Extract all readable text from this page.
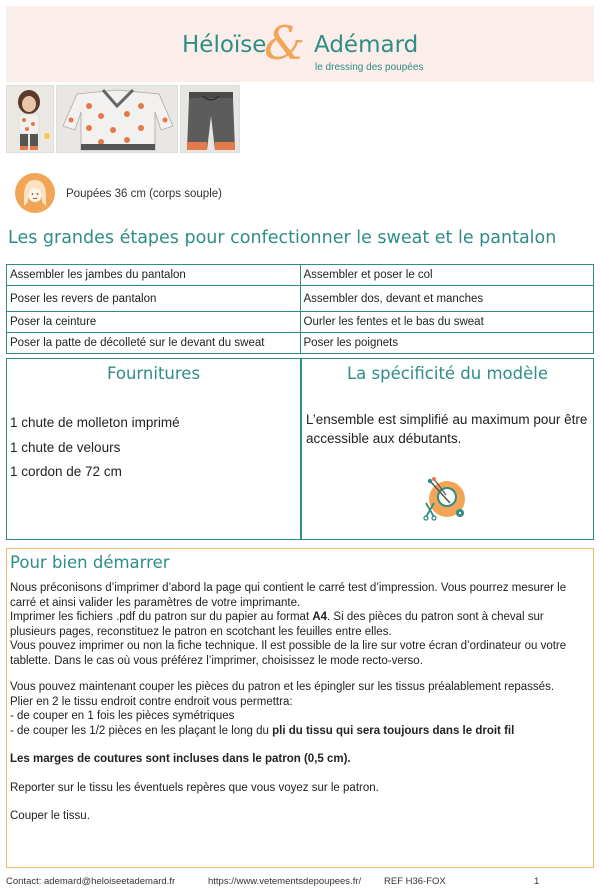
Héloïse
& Adémard
le dressing des poupées
Poupées 36 cm (corps souple)
Les grandes étapes pour confectionner le sweat et le pantalon
Assembler les jambes du pantalon	Assembler et poser le col
Poser les revers de pantalon	Assembler dos, devant et manches
Poser la ceinture	Ourler les fentes et le bas du sweat
Poser la patte de décolleté sur le devant du sweat	Poser les poignets
Fournitures
1 chute de molleton imprimé
1 chute de velours
1 cordon de 72 cm
La spécificité du modèle
L’ensemble est simplifié au maximum pour être accessible aux débutants.
Pour bien démarrer

Nous préconisons d’imprimer d’abord la page qui contient le carré test d’impression. Vous pourrez mesurer le carré et ainsi valider les paramètres de votre imprimante.

Imprimer les fichiers .pdf du patron sur du papier au format A4. Si des pièces du patron sont à cheval sur plusieurs pages, reconstituez le patron en scotchant les feuilles entre elles.

Vous pouvez imprimer ou non la fiche technique. Il est possible de la lire sur votre écran d’ordinateur ou votre tablette. Dans le cas où vous préférez l’imprimer, choisissez le mode recto-verso.

Vous pouvez maintenant couper les pièces du patron et les épingler sur les tissus préalablement repassés.

Plier en 2 le tissu endroit contre endroit vous permettra:

- de couper en 1 fois les pièces symétriques

- de couper les 1/2 pièces en les plaçant le long du pli du tissu qui sera toujours dans le droit fil

Les marges de coutures sont incluses dans le patron (0,5 cm).

Reporter sur le tissu les éventuels repères que vous voyez sur le patron.

Couper le tissu.

Contact: ademard@heloiseetademard.fr	https://www.vetementsdepoupees.fr/ REF H36-FOX	1
